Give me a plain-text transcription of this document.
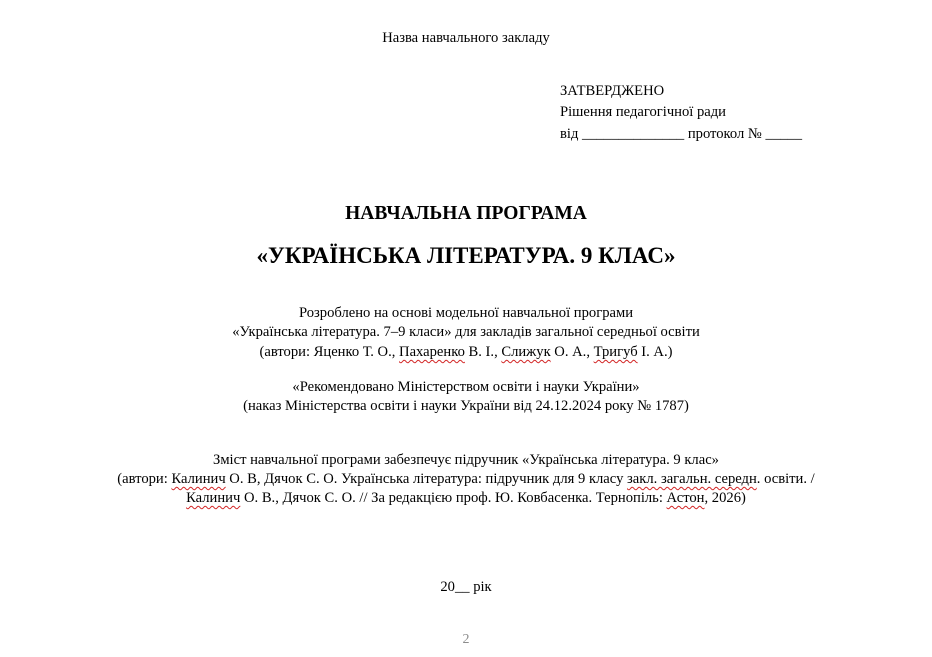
Назва навчального закладу
ЗАТВЕРДЖЕНО
Рішення педагогічної ради
від ______________ протокол № _____
НАВЧАЛЬНА ПРОГРАМА
«УКРАЇНСЬКА ЛІТЕРАТУРА. 9 КЛАС»
Розроблено на основі модельної навчальної програми
«Українська література. 7–9 класи» для закладів загальної середньої освіти
(автори: Яценко Т. О., Пахаренко В. І., Слижук О. А., Тригуб І. А.)
«Рекомендовано Міністерством освіти і науки України»
(наказ Міністерства освіти і науки України від 24.12.2024 року № 1787)
Зміст навчальної програми забезпечує підручник «Українська література. 9 клас»
(автори: Калинич О. В, Дячок С. О. Українська література: підручник для 9 класу закл. загальн. середн. освіти. /
Калинич О. В., Дячок С. О. // За редакцією проф. Ю. Ковбасенка. Тернопіль: Астон, 2026)
20__ рік
2
